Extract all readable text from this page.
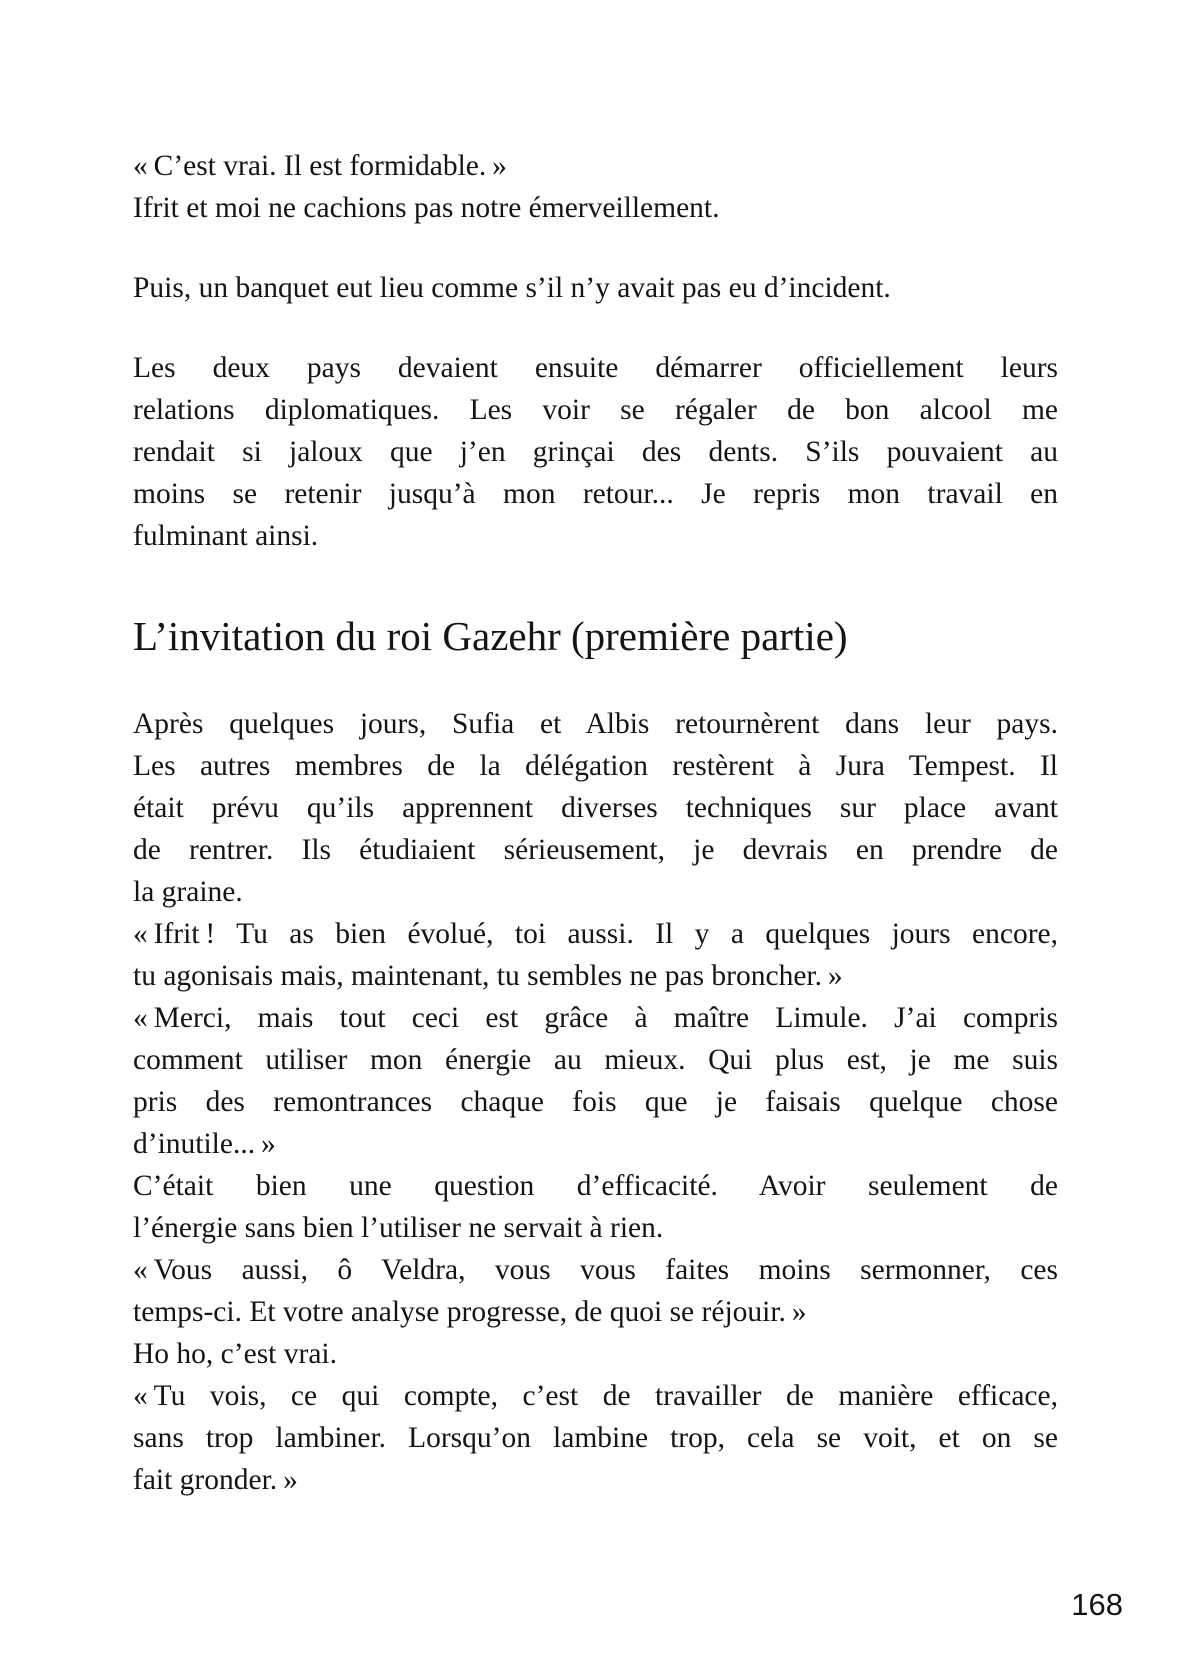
« C’est vrai. Il est formidable. »
Ifrit et moi ne cachions pas notre émerveillement.
Puis, un banquet eut lieu comme s’il n’y avait pas eu d’incident.
Les deux pays devaient ensuite démarrer officiellement leurs
relations diplomatiques. Les voir se régaler de bon alcool me
rendait si jaloux que j’en grinçai des dents. S’ils pouvaient au
moins se retenir jusqu’à mon retour... Je repris mon travail en
fulminant ainsi.
L’invitation du roi Gazehr (première partie)
Après quelques jours, Sufia et Albis retournèrent dans leur pays.
Les autres membres de la délégation restèrent à Jura Tempest. Il
était prévu qu’ils apprennent diverses techniques sur place avant
de rentrer. Ils étudiaient sérieusement, je devrais en prendre de
la graine.
« Ifrit ! Tu as bien évolué, toi aussi. Il y a quelques jours encore,
tu agonisais mais, maintenant, tu sembles ne pas broncher. »
« Merci, mais tout ceci est grâce à maître Limule. J’ai compris
comment utiliser mon énergie au mieux. Qui plus est, je me suis
pris des remontrances chaque fois que je faisais quelque chose
d’inutile... »
C’était bien une question d’efficacité. Avoir seulement de
l’énergie sans bien l’utiliser ne servait à rien.
« Vous aussi, ô Veldra, vous vous faites moins sermonner, ces
temps-ci. Et votre analyse progresse, de quoi se réjouir. »
Ho ho, c’est vrai.
« Tu vois, ce qui compte, c’est de travailler de manière efficace,
sans trop lambiner. Lorsqu’on lambine trop, cela se voit, et on se
fait gronder. »
168
